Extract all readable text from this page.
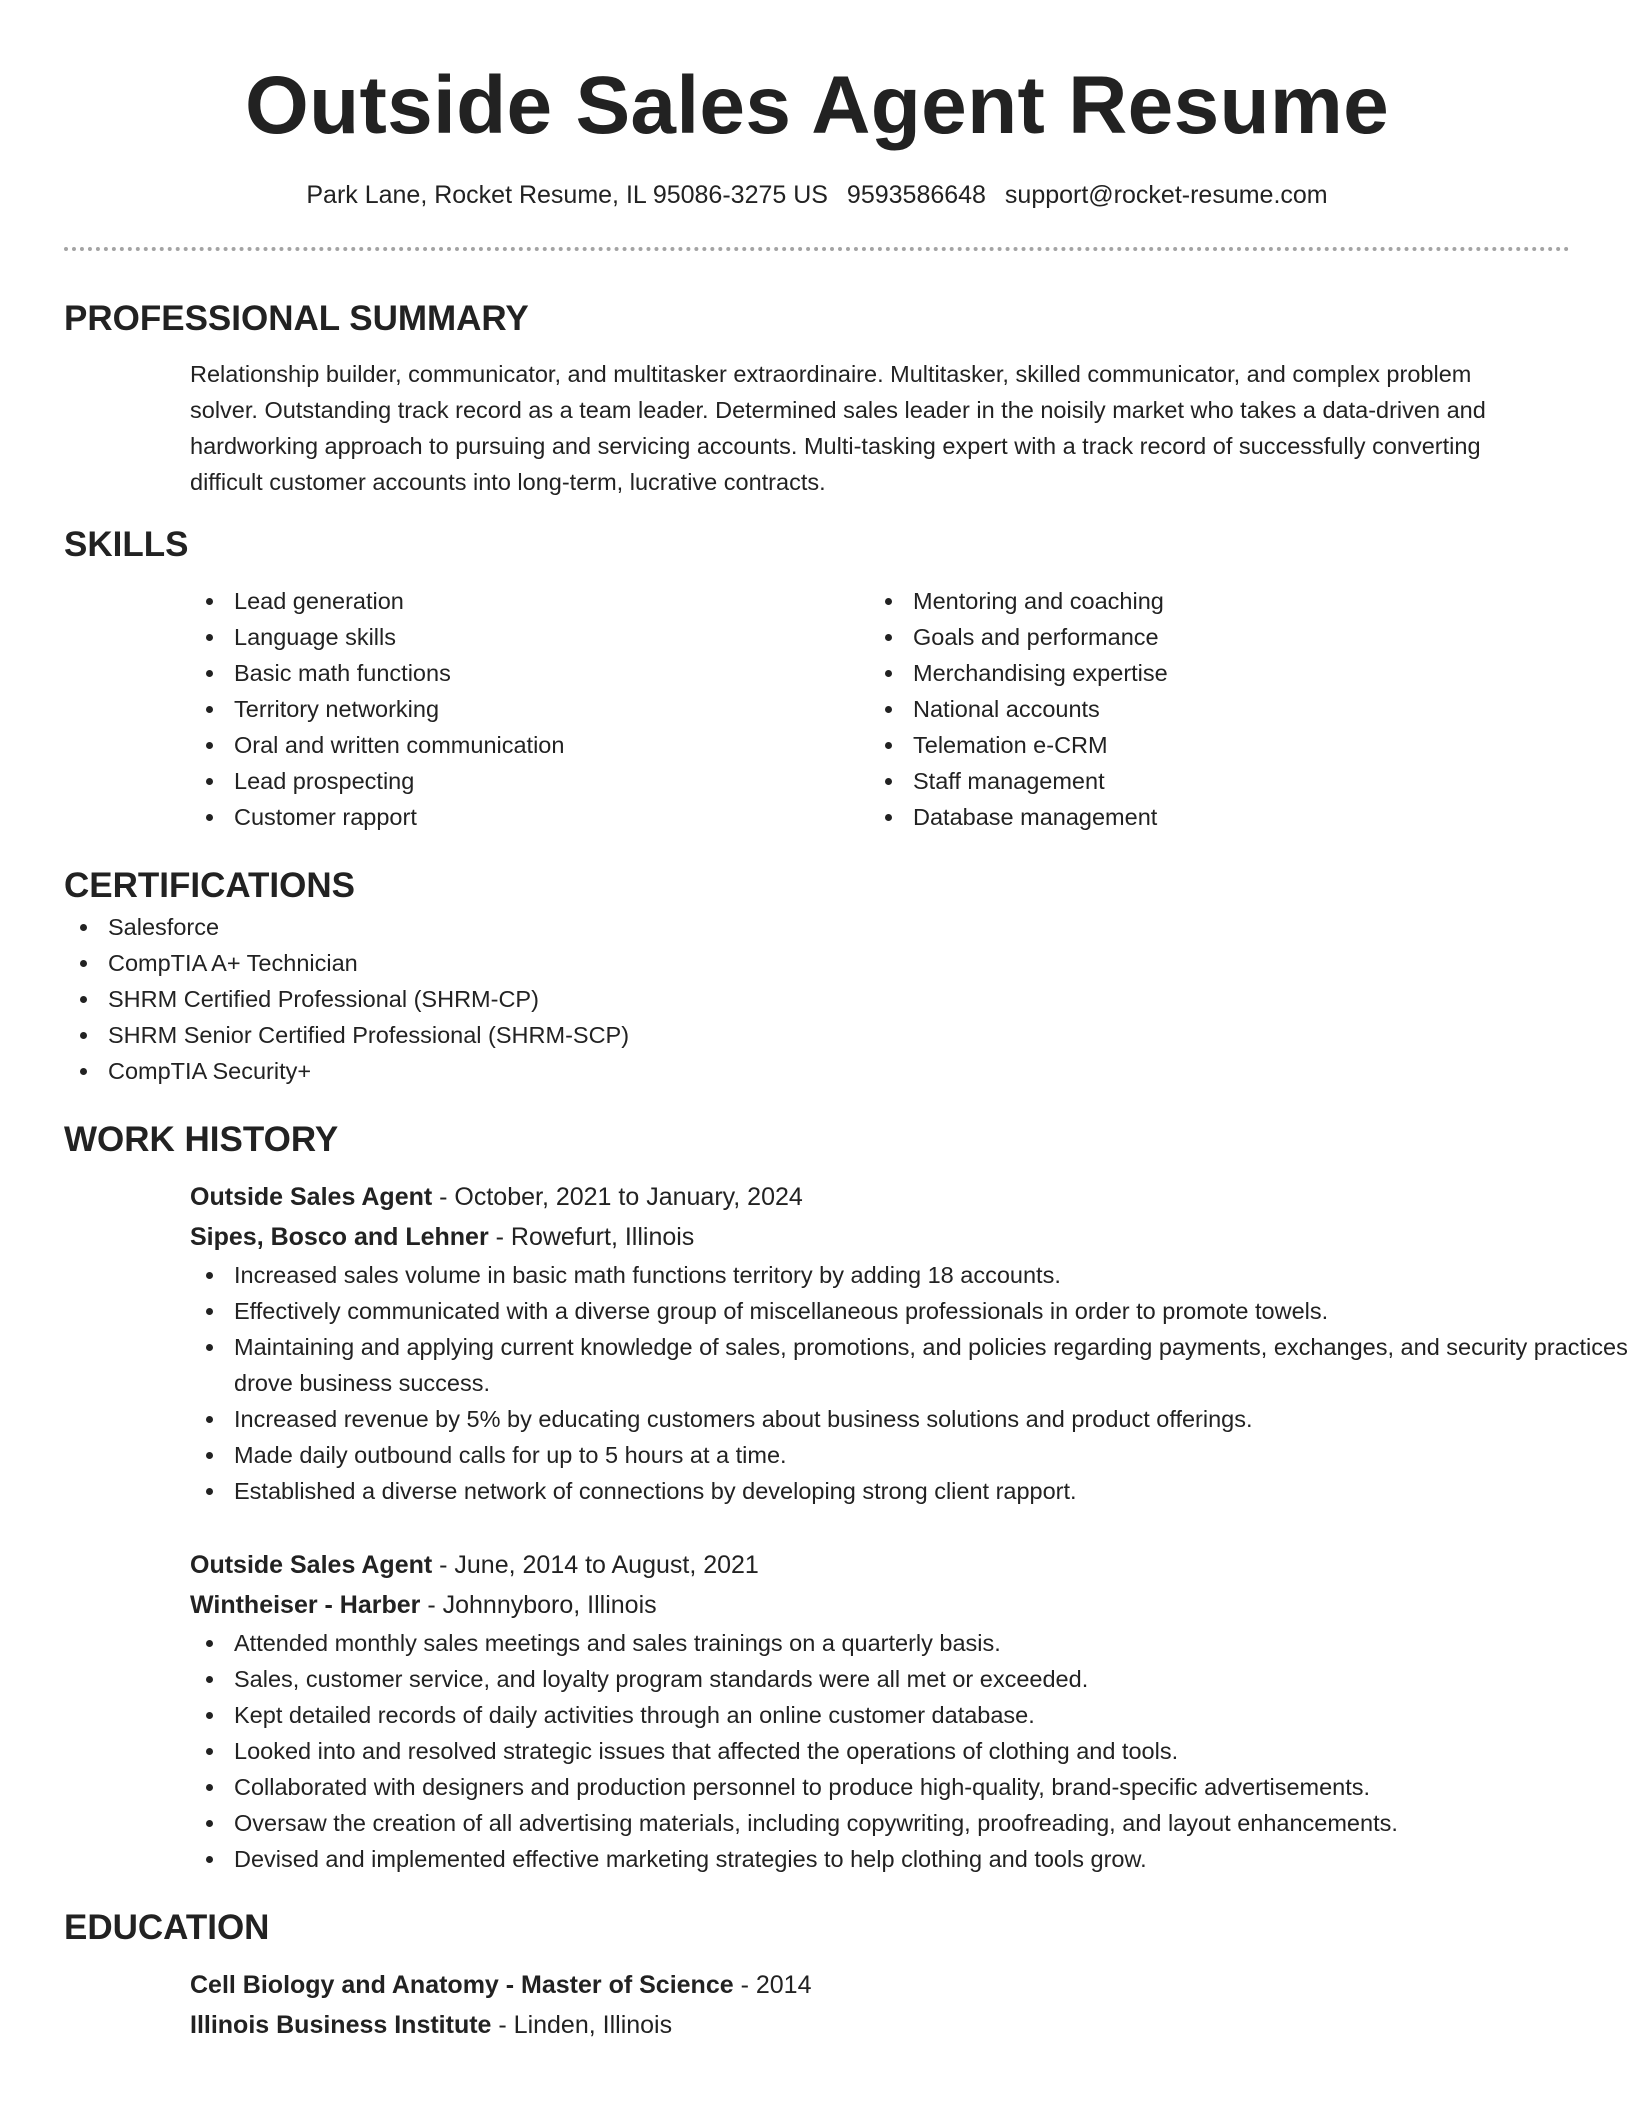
Outside Sales Agent Resume
Park Lane, Rocket Resume, IL 95086-3275 US 9593586648 support@rocket-resume.com
PROFESSIONAL SUMMARY

Relationship builder, communicator, and multitasker extraordinaire. Multitasker, skilled communicator, and complex problem solver. Outstanding track record as a team leader. Determined sales leader in the noisily market who takes a data-driven and hardworking approach to pursuing and servicing accounts. Multi-tasking expert with a track record of successfully converting difficult customer accounts into long-term, lucrative contracts.

SKILLS
Lead generation
Language skills
Basic math functions
Territory networking
Oral and written communication
Lead prospecting
Customer rapport
Mentoring and coaching
Goals and performance
Merchandising expertise
National accounts
Telemation e-CRM
Staff management
Database management
CERTIFICATIONS
Salesforce
CompTIA A+ Technician
SHRM Certified Professional (SHRM-CP)
SHRM Senior Certified Professional (SHRM-SCP)
CompTIA Security+
WORK HISTORY
Outside Sales Agent - October, 2021 to January, 2024
Sipes, Bosco and Lehner - Rowefurt, Illinois
Increased sales volume in basic math functions territory by adding 18 accounts.
Effectively communicated with a diverse group of miscellaneous professionals in order to promote towels.
Maintaining and applying current knowledge of sales, promotions, and policies regarding payments, exchanges, and security practices drove business success.
Increased revenue by 5% by educating customers about business solutions and product offerings.
Made daily outbound calls for up to 5 hours at a time.
Established a diverse network of connections by developing strong client rapport.
Outside Sales Agent - June, 2014 to August, 2021
Wintheiser - Harber - Johnnyboro, Illinois
Attended monthly sales meetings and sales trainings on a quarterly basis.
Sales, customer service, and loyalty program standards were all met or exceeded.
Kept detailed records of daily activities through an online customer database.
Looked into and resolved strategic issues that affected the operations of clothing and tools.
Collaborated with designers and production personnel to produce high-quality, brand-specific advertisements.
Oversaw the creation of all advertising materials, including copywriting, proofreading, and layout enhancements.
Devised and implemented effective marketing strategies to help clothing and tools grow.
EDUCATION
Cell Biology and Anatomy - Master of Science - 2014
Illinois Business Institute - Linden, Illinois
